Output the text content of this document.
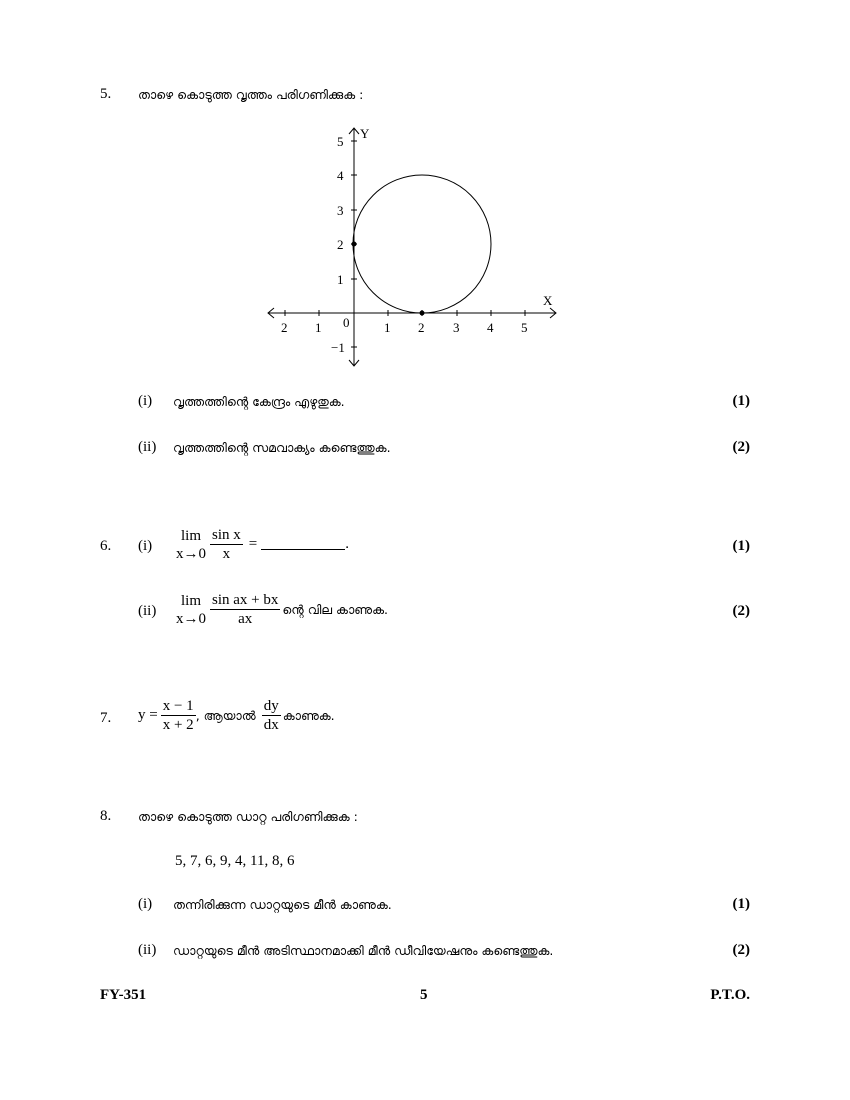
5. താഴെ കൊടുത്ത വൃത്തം പരിഗണിക്കുക :
Y
X
0
2 1	1 2 3 4 5
5
4
3
2
1
−1
(i) വൃത്തത്തിന്റെ കേന്ദ്രം എഴുതുക.	(1)
(ii) വൃത്തത്തിന്റെ സമവാക്യം കണ്ടെത്തുക.	(2)
6. (i)
lim
$x\to 0 \frac{\text{sin x}}{x}$ =	.	(1)
(ii)
lim
$x\to 0 \frac{\text{sin ax + bx}}{ax}$ ന്റെ വില കാണുക.	(2)
7. $y = \frac{x - 1}{x + 2}$ , ആയാൽ $\frac{dy}{dx}$ കാണുക.
8. താഴെ കൊടുത്ത ഡാറ്റ പരിഗണിക്കുക :
5, 7, 6, 9, 4, 11, 8, 6
(i) തന്നിരിക്കുന്ന ഡാറ്റയുടെ മീൻ കാണുക.	(1)
(ii) ഡാറ്റയുടെ മീൻ അടിസ്ഥാനമാക്കി മീൻ ഡീവിയേഷനും കണ്ടെത്തുക.	(2)
FY-351	5	P.T.O.
